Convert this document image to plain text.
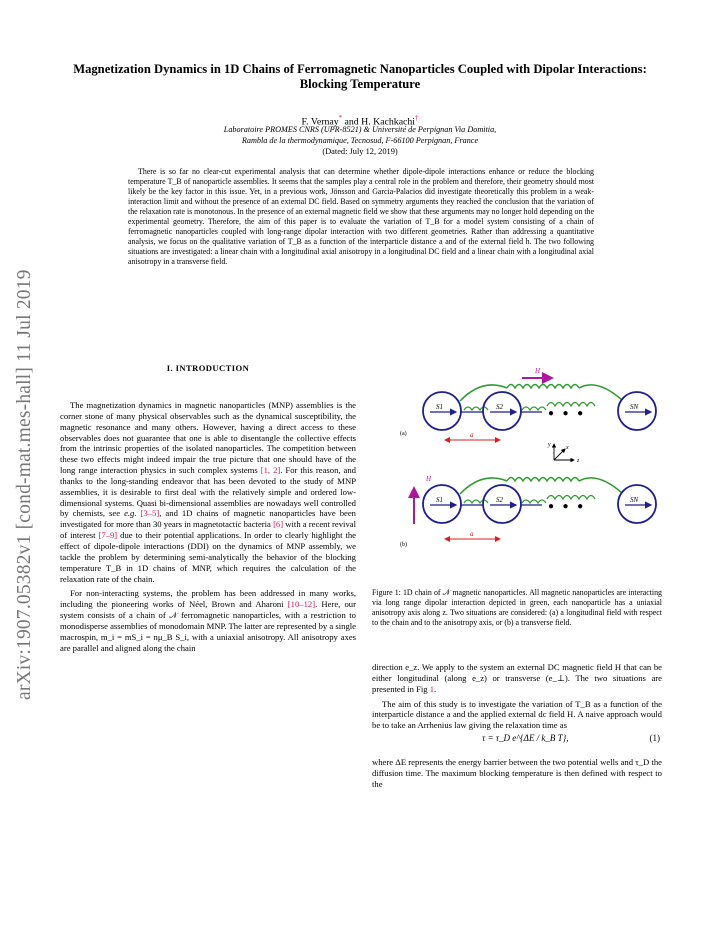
arXiv:1907.05382v1 [cond-mat.mes-hall] 11 Jul 2019
Magnetization Dynamics in 1D Chains of Ferromagnetic Nanoparticles Coupled with Dipolar Interactions: Blocking Temperature
F. Vernay* and H. Kachkachi†
Laboratoire PROMES CNRS (UPR-8521) & Université de Perpignan Via Domitia,
Rambla de la thermodynamique, Tecnosud, F-66100 Perpignan, France
(Dated: July 12, 2019)

There is so far no clear-cut experimental analysis that can determine whether dipole-dipole interactions enhance or reduce the blocking temperature T_B of nanoparticle assemblies. It seems that the samples play a central role in the problem and therefore, their geometry should most likely be the key factor in this issue. Yet, in a previous work, Jönsson and Garcia-Palacios did investigate theoretically this problem in a weak-interaction limit and without the presence of an external DC field. Based on symmetry arguments they reached the conclusion that the variation of the relaxation rate is monotonous. In the presence of an external magnetic field we show that these arguments may no longer hold depending on the experimental geometry. Therefore, the aim of this paper is to evaluate the variation of T_B for a model system consisting of a chain of ferromagnetic nanoparticles coupled with long-range dipolar interaction with two different geometries. Rather than addressing a quantitative analysis, we focus on the qualitative variation of T_B as a function of the interparticle distance a and of the external field h. The two following situations are investigated: a linear chain with a longitudinal axial anisotropy in a longitudinal DC field and a linear chain with a longitudinal axial anisotropy in a transverse field.

I. INTRODUCTION

The magnetization dynamics in magnetic nanoparticles (MNP) assemblies is the corner stone of many physical observables such as the dynamical susceptibility, the magnetic resonance and many others. However, having a direct access to these observables does not guarantee that one is able to disentangle the collective effects from the intrinsic properties of the isolated nanoparticles. The competition between these two effects might indeed impair the true picture that one should have of the long range interaction physics in such complex systems [1, 2]. For this reason, and thanks to the long-standing endeavor that has been devoted to the study of MNP assemblies, it is desirable to first deal with the relatively simple and ordered low-dimensional systems. Quasi bi-dimensional assemblies are nowadays well controlled by chemists, see e.g. [3–5], and 1D chains of magnetic nanoparticles have been investigated for more than 30 years in magnetotactic bacteria [6] with a recent revival of interest [7–9] due to their potential applications. In order to clearly highlight the effect of dipole-dipole interactions (DDI) on the dynamics of MNP assembly, we tackle the problem by determining semi-analytically the behavior of the blocking temperature T_B in 1D chains of MNP, which requires the calculation of the relaxation rate of the chain.

For non-interacting systems, the problem has been addressed in many works, including the pioneering works of Néel, Brown and Aharoni [10–12]. Here, our system consists of a chain of 𝒩 ferromagnetic nanoparticles, with a restriction to monodisperse assemblies of monodomain MNP. The latter are represented by a single macrospin, m_i = mS_i = nμ_B S_i, with a uniaxial anisotropy. All anisotropy axes are parallel and aligned along the chain

H
S1	S2	SN
● ● ●
a
(a)
z
y	x
H
S1	S2	SN
● ● ●
a
(b)
Figure 1: 1D chain of 𝒩 magnetic nanoparticles. All magnetic nanoparticles are interacting via long range dipolar interaction depicted in green, each nanoparticle has a uniaxial anisotropy axis along z. Two situations are considered: (a) a longitudinal field with respect to the chain and to the anisotropy axis, or (b) a transverse field.

direction e_z. We apply to the system an external DC magnetic field H that can be either longitudinal (along e_z) or transverse (e_⊥). The two situations are presented in Fig 1.

The aim of this study is to investigate the variation of T_B as a function of the interparticle distance a and the applied external dc field H. A naive approach would be to take an Arrhenius law giving the relaxation time as

τ = τ_D e^{ΔE / k_B T},	(1)

where ΔE represents the energy barrier between the two potential wells and τ_D the diffusion time. The maximum blocking temperature is then defined with respect to the
